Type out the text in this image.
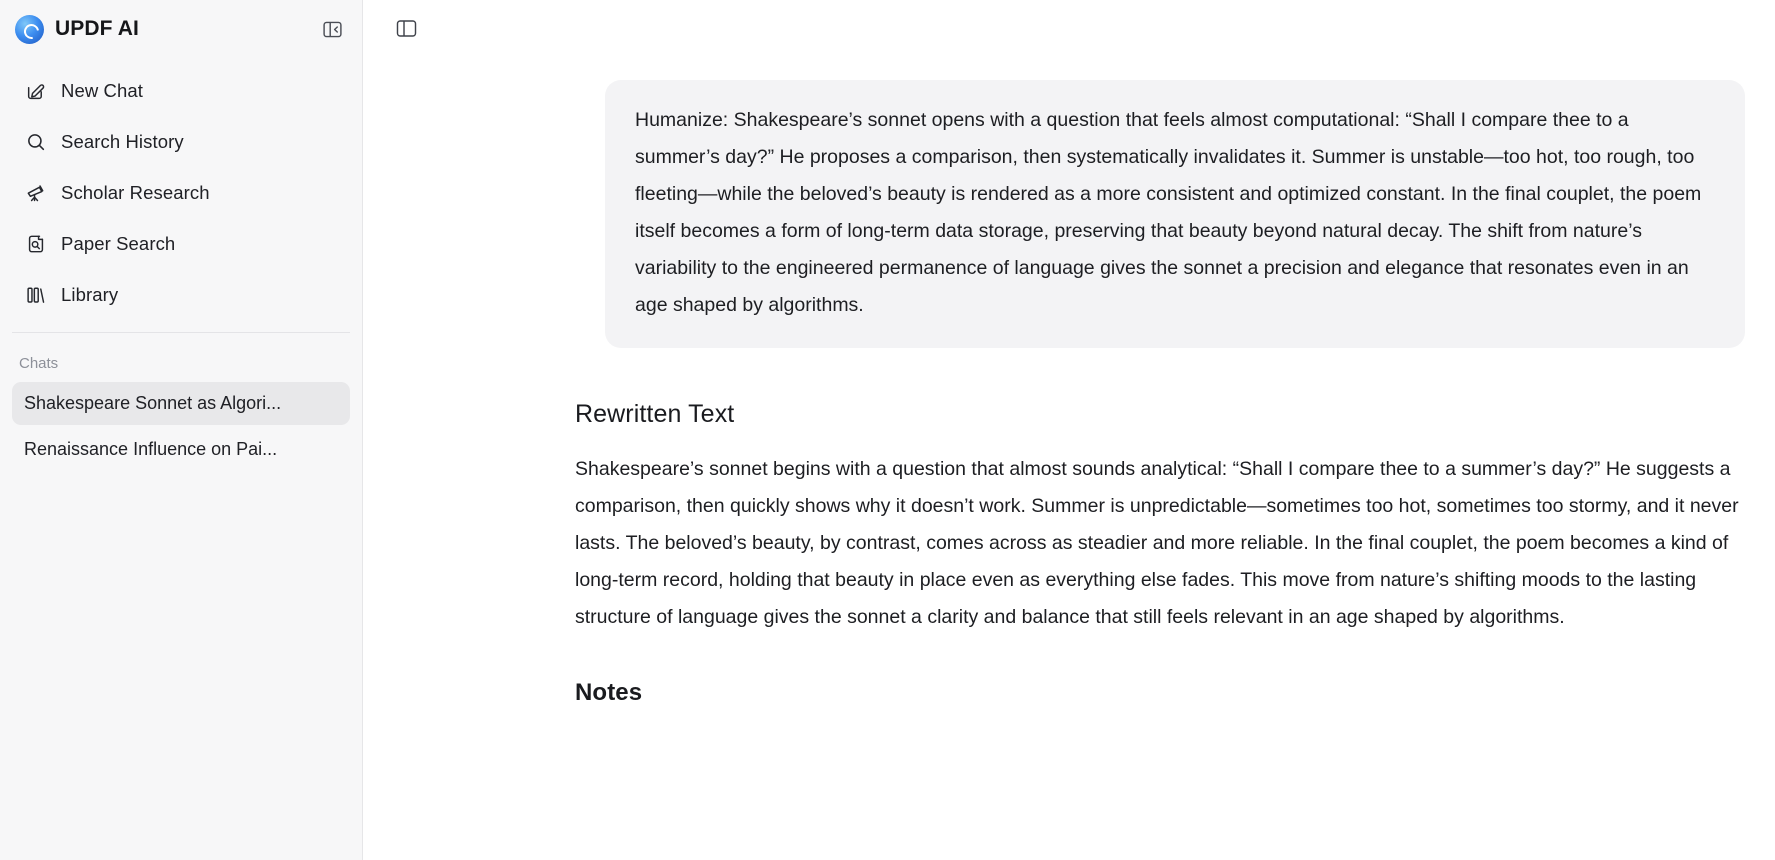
UPDF AI
New Chat
Search History
Scholar Research
Paper Search
Library
Chats
Shakespeare Sonnet as Algori...
Renaissance Influence on Pai...
Humanize: Shakespeare’s sonnet opens with a question that feels almost computational: “Shall I compare thee to a summer’s day?” He proposes a comparison, then systematically invalidates it. Summer is unstable—too hot, too rough, too fleeting—while the beloved’s beauty is rendered as a more consistent and optimized constant. In the final couplet, the poem itself becomes a form of long-term data storage, preserving that beauty beyond natural decay. The shift from nature’s variability to the engineered permanence of language gives the sonnet a precision and elegance that resonates even in an age shaped by algorithms.
Rewritten Text

Shakespeare’s sonnet begins with a question that almost sounds analytical: “Shall I compare thee to a summer’s day?” He suggests a comparison, then quickly shows why it doesn’t work. Summer is unpredictable—sometimes too hot, sometimes too stormy, and it never lasts. The beloved’s beauty, by contrast, comes across as steadier and more reliable. In the final couplet, the poem becomes a kind of long-term record, holding that beauty in place even as everything else fades. This move from nature’s shifting moods to the lasting structure of language gives the sonnet a clarity and balance that still feels relevant in an age shaped by algorithms.

Notes
